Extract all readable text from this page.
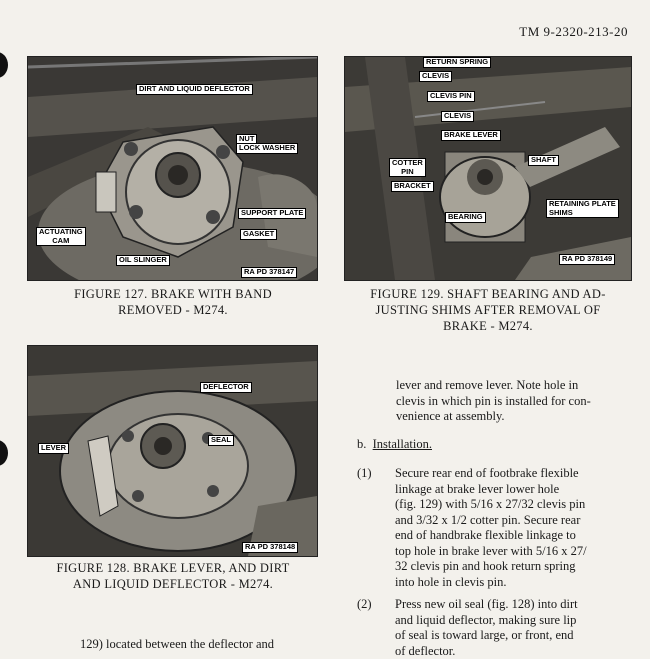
TM 9-2320-213-20
DIRT AND LIQUID DEFLECTOR
NUT
LOCK WASHER
SUPPORT PLATE
GASKET
ACTUATING
CAM
OIL SLINGER
RA PD 378147
FIGURE 127. BRAKE WITH BAND
REMOVED - M274.
RETURN SPRING
CLEVIS
CLEVIS PIN
CLEVIS
BRAKE LEVER
COTTER
PIN
BRACKET
SHAFT
BEARING
RETAINING PLATE
SHIMS
RA PD 378149
FIGURE 129. SHAFT BEARING AND AD-
JUSTING SHIMS AFTER REMOVAL OF
BRAKE - M274.
DEFLECTOR
LEVER
SEAL
RA PD 378148
FIGURE 128. BRAKE LEVER, AND DIRT
AND LIQUID DEFLECTOR - M274.
lever and remove lever. Note hole in
clevis in which pin is installed for con-
venience at assembly.
b. Installation.
(1) Secure rear end of footbrake flexible
linkage at brake lever lower hole
(fig. 129) with 5/16 x 27/32 clevis pin
and 3/32 x 1/2 cotter pin. Secure rear
end of handbrake flexible linkage to
top hole in brake lever with 5/16 x 27/
32 clevis pin and hook return spring
into hole in clevis pin.
(2) Press new oil seal (fig. 128) into dirt
and liquid deflector, making sure lip
of seal is toward large, or front, end
of deflector.
129) located between the deflector and
